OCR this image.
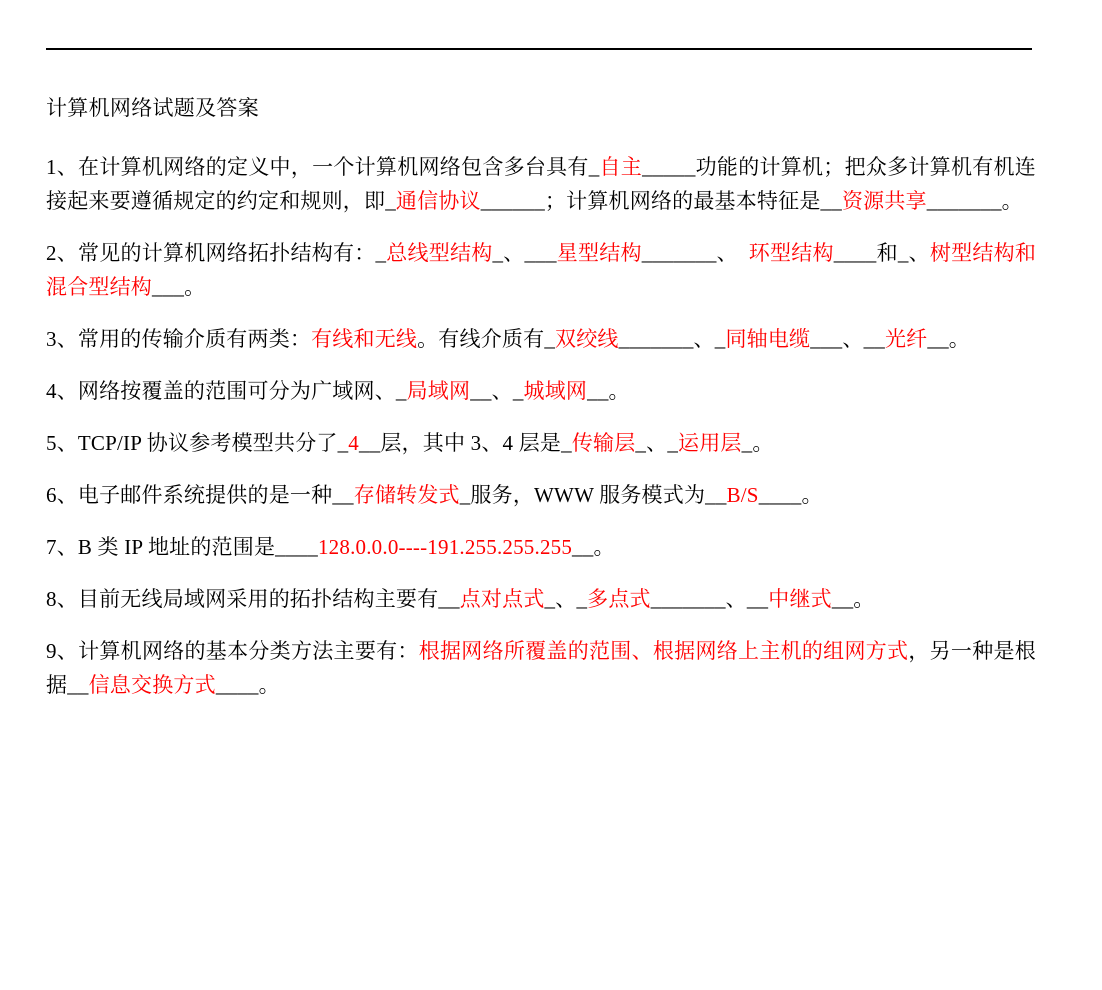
计算机网络试题及答案
1、在计算机网络的定义中，一个计算机网络包含多台具有_自主_____功能的计算机；把众多计算机有机连接起来要遵循规定的约定和规则，即_通信协议______；计算机网络的最基本特征是__资源共享_______。
2、常见的计算机网络拓扑结构有：_总线型结构_、___星型结构_______、　环型结构____和_、树型结构和混合型结构___。
3、常用的传输介质有两类：有线和无线。有线介质有_双绞线_______、_同轴电缆___、__光纤__。
4、网络按覆盖的范围可分为广域网、_局域网__、_城域网__。
5、TCP/IP 协议参考模型共分了_4__层，其中 3、4 层是_传输层_、_运用层_。
6、电子邮件系统提供的是一种__存储转发式_服务，WWW 服务模式为__B/S____。
7、B 类 IP 地址的范围是____128.0.0.0----191.255.255.255__。
8、目前无线局域网采用的拓扑结构主要有__点对点式_、_多点式_______、__中继式__。
9、计算机网络的基本分类方法主要有：根据网络所覆盖的范围、根据网络上主机的组网方式，另一种是根据__信息交换方式____。
